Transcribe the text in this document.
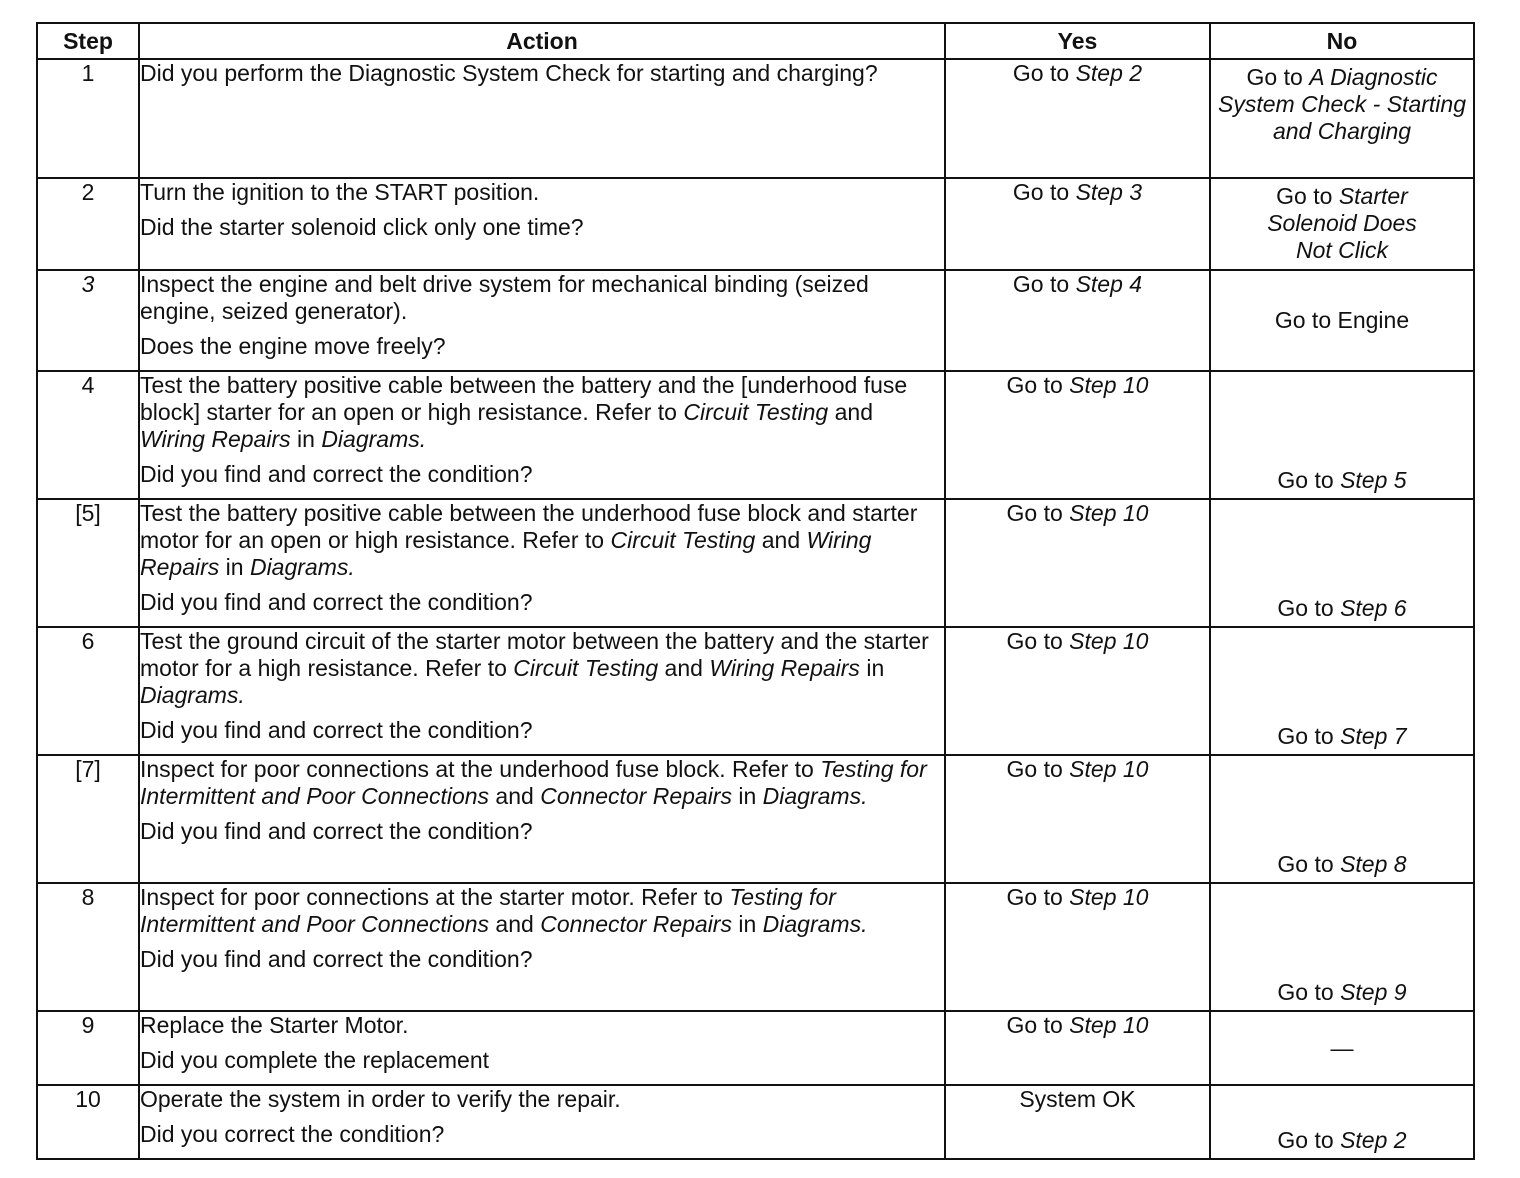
Step	Action	Yes	No
1	Did you perform the Diagnostic System Check for starting and charging?	Go to Step 2	Go to A Diagnostic System Check - Starting and Charging
2	Turn the ignition to the START position.

Did the starter solenoid click only one time?	Go to Step 3	Go to Starter Solenoid Does Not Click
3	Inspect the engine and belt drive system for mechanical binding (seized engine, seized generator).

Does the engine move freely?	Go to Step 4	Go to Engine
4	Test the battery positive cable between the battery and the [underhood fuse block] starter for an open or high resistance. Refer to Circuit Testing and Wiring Repairs in Diagrams.

Did you find and correct the condition?	Go to Step 10	Go to Step 5
[5]	Test the battery positive cable between the underhood fuse block and starter motor for an open or high resistance. Refer to Circuit Testing and Wiring Repairs in Diagrams.

Did you find and correct the condition?	Go to Step 10	Go to Step 6
6	Test the ground circuit of the starter motor between the battery and the starter motor for a high resistance. Refer to Circuit Testing and Wiring Repairs in Diagrams.

Did you find and correct the condition?	Go to Step 10	Go to Step 7
[7]	Inspect for poor connections at the underhood fuse block. Refer to Testing for Intermittent and Poor Connections and Connector Repairs in Diagrams.

Did you find and correct the condition?	Go to Step 10	Go to Step 8
8	Inspect for poor connections at the starter motor. Refer to Testing for Intermittent and Poor Connections and Connector Repairs in Diagrams.

Did you find and correct the condition?	Go to Step 10	Go to Step 9
9	Replace the Starter Motor.

Did you complete the replacement	Go to Step 10	—
10	Operate the system in order to verify the repair.

Did you correct the condition?	System OK	Go to Step 2
